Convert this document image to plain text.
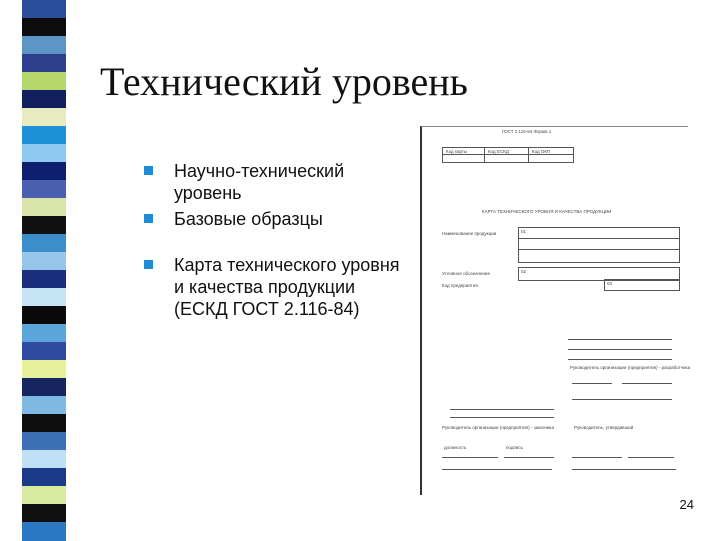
Технический уровень
Научно-технический уровень
Базовые образцы
Карта технического уровня и качества продукции (ЕСКД ГОСТ 2.116-84)
ГОСТ 2.116-84 Форма 1
Код карты	Код ЕСКД	Код ОКП
КАРТА ТЕХНИЧЕСКОГО УРОВНЯ И КАЧЕСТВА ПРОДУКЦИИ
Наименование продукции	01
Условное обозначение	02
Код предприятия	03
Руководитель организации (предприятия) - разработчика
Руководитель организации (предприятия) - заказчика
должность	подпись
Руководитель, утвердивший
24
